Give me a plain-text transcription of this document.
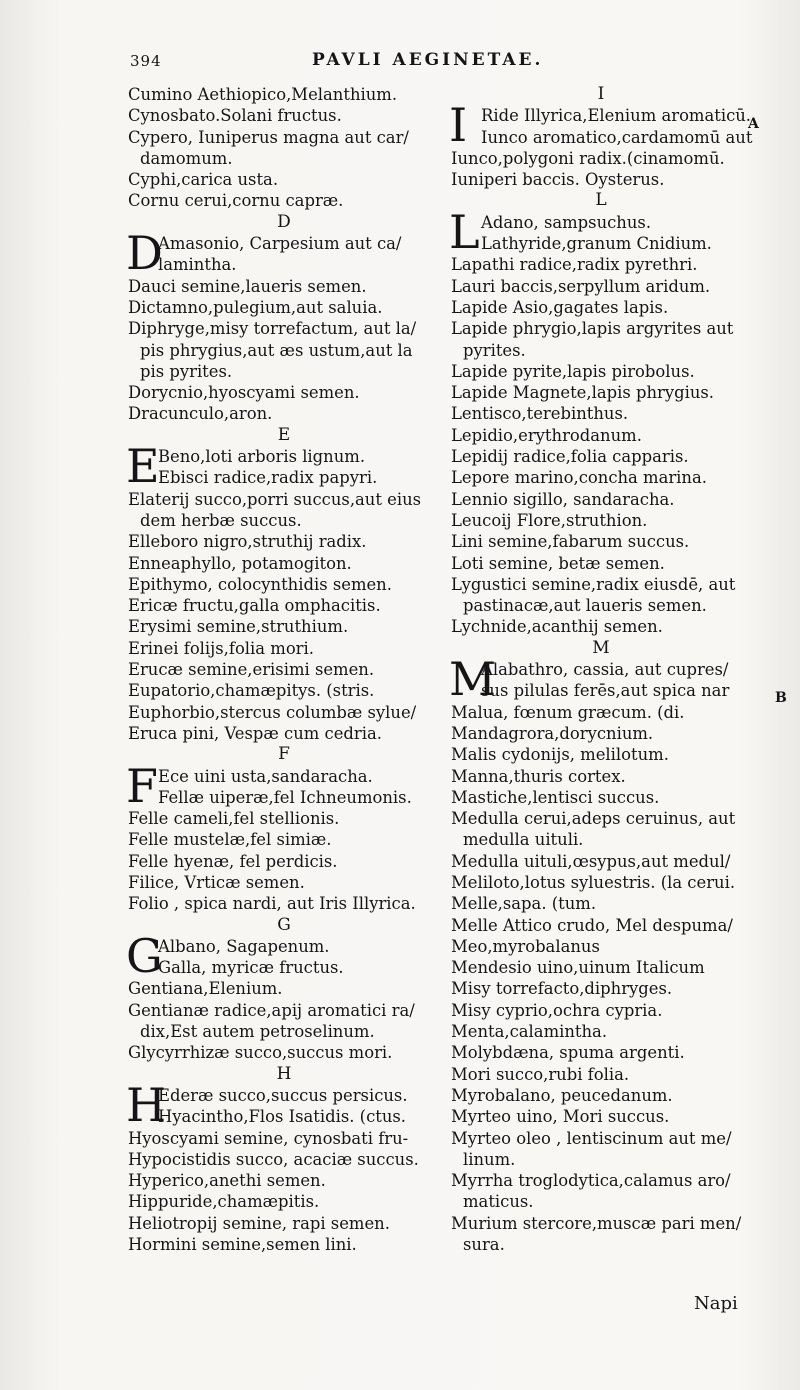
394	PAVLI AEGINETAE.
Cumino Aethiopico,Melanthium.
Cynosbato.Solani fructus.
Cypero, Iuniperus magna aut car/
damomum.
Cyphi,carica usta.
Cornu cerui,cornu capræ.
D
D
Amasonio, Carpesium aut ca/
lamintha.
Dauci semine,laueris semen.
Dictamno,pulegium,aut saluia.
Diphryge,misy torrefactum, aut la/
pis phrygius,aut æs ustum,aut la
pis pyrites.
Dorycnio,hyoscyami semen.
Dracunculo,aron.
E
E
Beno,loti arboris lignum.
Ebisci radice,radix papyri.
Elaterij succo,porri succus,aut eius
dem herbæ succus.
Elleboro nigro,struthij radix.
Enneaphyllo, potamogiton.
Epithymo, colocynthidis semen.
Ericæ fructu,galla omphacitis.
Erysimi semine,struthium.
Erinei folijs,folia mori.
Erucæ semine,erisimi semen.
Eupatorio,chamæpitys. (stris.
Euphorbio,stercus columbæ sylue/
Eruca pini, Vespæ cum cedria.
F
F Ece uini usta,sandaracha.
Fellæ uiperæ,fel Ichneumonis.
Felle cameli,fel stellionis.
Felle mustelæ,fel simiæ.
Felle hyenæ, fel perdicis.
Filice, Vrticæ semen.
Folio , spica nardi, aut Iris Illyrica.
G
G
Albano, Sagapenum.
Galla, myricæ fructus.
Gentiana,Elenium.
Gentianæ radice,apij aromatici ra/
dix,Est autem petroselinum.
Glycyrrhizæ succo,succus mori.
H
H
Ederæ succo,succus persicus.
Hyacintho,Flos Isatidis. (ctus.
Hyoscyami semine, cynosbati fru-
Hypocistidis succo, acaciæ succus.
Hyperico,anethi semen.
Hippuride,chamæpitis.
Heliotropij semine, rapi semen.
Hormini semine,semen lini.
I
I Ride Illyrica,Elenium aromaticū.
Iunco aromatico,cardamomū aut
Iunco,polygoni radix.(cinamomū.
Iuniperi baccis. Oysterus.
L
L Adano, sampsuchus.
Lathyride,granum Cnidium.
Lapathi radice,radix pyrethri.
Lauri baccis,serpyllum aridum.
Lapide Asio,gagates lapis.
Lapide phrygio,lapis argyrites aut
pyrites.
Lapide pyrite,lapis pirobolus.
Lapide Magnete,lapis phrygius.
Lentisco,terebinthus.
Lepidio,erythrodanum.
Lepidij radice,folia capparis.
Lepore marino,concha marina.
Lennio sigillo, sandaracha.
Leucoij Flore,struthion.
Lini semine,fabarum succus.
Loti semine, betæ semen.
Lygustici semine,radix eiusdē, aut
pastinacæ,aut laueris semen.
Lychnide,acanthij semen.
M
M
Alabathro, cassia, aut cupres/
sus pilulas ferēs,aut spica nar
Malua, fœnum græcum. (di.
Mandagrora,dorycnium.
Malis cydonijs, melilotum.
Manna,thuris cortex.
Mastiche,lentisci succus.
Medulla cerui,adeps ceruinus, aut
medulla uituli.
Medulla uituli,œsypus,aut medul/
Meliloto,lotus syluestris. (la cerui.
Melle,sapa. (tum.
Melle Attico crudo, Mel despuma/
Meo,myrobalanus
Mendesio uino,uinum Italicum
Misy torrefacto,diphryges.
Misy cyprio,ochra cypria.
Menta,calamintha.
Molybdæna, spuma argenti.
Mori succo,rubi folia.
Myrobalano, peucedanum.
Myrteo uino, Mori succus.
Myrteo oleo , lentiscinum aut me/
linum.
Myrrha troglodytica,calamus aro/
maticus.
Murium stercore,muscæ pari men/
sura.
A
B
Napi
